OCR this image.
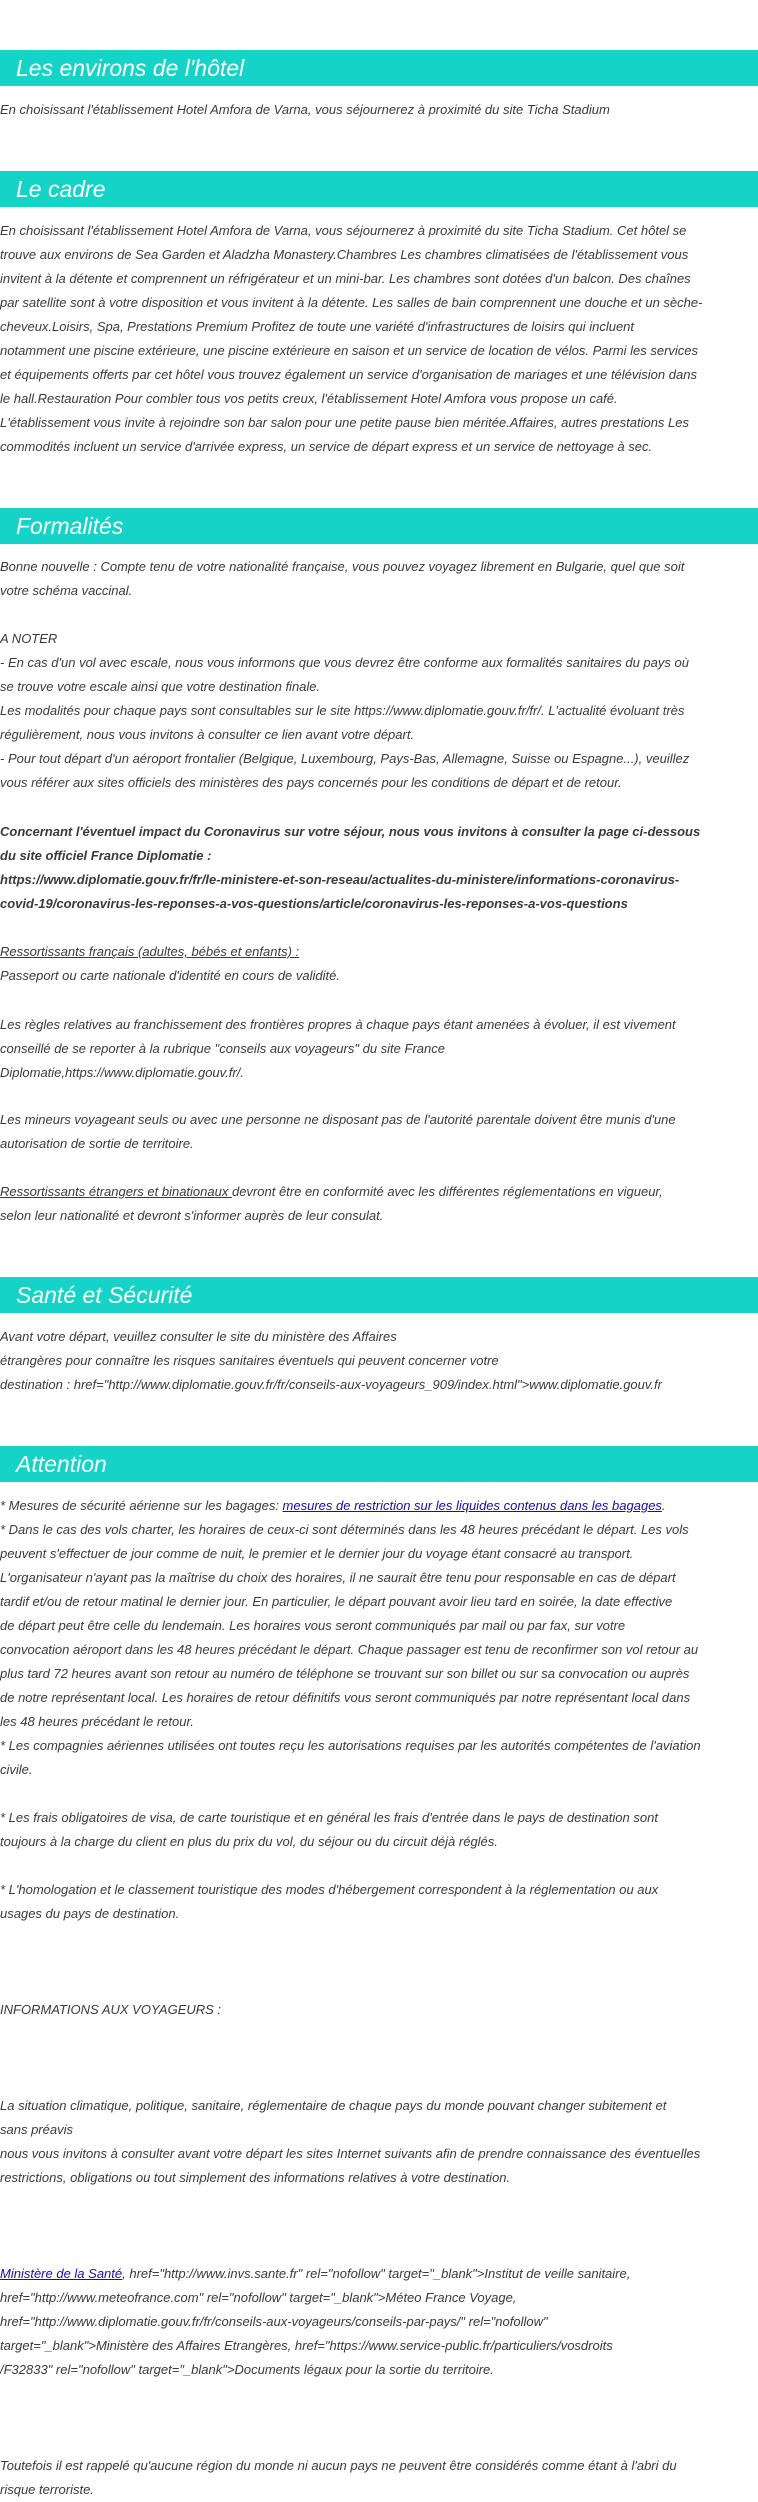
Les environs de l'hôtel

En choisissant l'établissement Hotel Amfora de Varna, vous séjournerez à proximité du site Ticha Stadium

Le cadre

En choisissant l'établissement Hotel Amfora de Varna, vous séjournerez à proximité du site Ticha Stadium. Cet hôtel se
trouve aux environs de Sea Garden et Aladzha Monastery.Chambres Les chambres climatisées de l'établissement vous
invitent à la détente et comprennent un réfrigérateur et un mini-bar. Les chambres sont dotées d'un balcon. Des chaînes
par satellite sont à votre disposition et vous invitent à la détente. Les salles de bain comprennent une douche et un sèche-
cheveux.Loisirs, Spa, Prestations Premium Profitez de toute une variété d'infrastructures de loisirs qui incluent
notamment une piscine extérieure, une piscine extérieure en saison et un service de location de vélos. Parmi les services
et équipements offerts par cet hôtel vous trouvez également un service d'organisation de mariages et une télévision dans
le hall.Restauration Pour combler tous vos petits creux, l'établissement Hotel Amfora vous propose un café.
L'établissement vous invite à rejoindre son bar salon pour une petite pause bien méritée.Affaires, autres prestations Les
commodités incluent un service d'arrivée express, un service de départ express et un service de nettoyage à sec.

Formalités

Bonne nouvelle : Compte tenu de votre nationalité française, vous pouvez voyagez librement en Bulgarie, quel que soit
votre schéma vaccinal.

A NOTER
- En cas d'un vol avec escale, nous vous informons que vous devrez être conforme aux formalités sanitaires du pays où
se trouve votre escale ainsi que votre destination finale.
Les modalités pour chaque pays sont consultables sur le site https://www.diplomatie.gouv.fr/fr/. L'actualité évoluant très
régulièrement, nous vous invitons à consulter ce lien avant votre départ.
- Pour tout départ d'un aéroport frontalier (Belgique, Luxembourg, Pays-Bas, Allemagne, Suisse ou Espagne...), veuillez
vous référer aux sites officiels des ministères des pays concernés pour les conditions de départ et de retour.

Concernant l'éventuel impact du Coronavirus sur votre séjour, nous vous invitons à consulter la page ci-dessous
du site officiel France Diplomatie :
https://www.diplomatie.gouv.fr/fr/le-ministere-et-son-reseau/actualites-du-ministere/informations-coronavirus-
covid-19/coronavirus-les-reponses-a-vos-questions/article/coronavirus-les-reponses-a-vos-questions

Ressortissants français (adultes, bébés et enfants) :

Passeport ou carte nationale d'identité en cours de validité.

Les règles relatives au franchissement des frontières propres à chaque pays étant amenées à évoluer, il est vivement
conseillé de se reporter à la rubrique "conseils aux voyageurs" du site France
Diplomatie,https://www.diplomatie.gouv.fr/.

Les mineurs voyageant seuls ou avec une personne ne disposant pas de l'autorité parentale doivent être munis d'une
autorisation de sortie de territoire.

Ressortissants étrangers et binationaux devront être en conformité avec les différentes réglementations en vigueur,
selon leur nationalité et devront s'informer auprès de leur consulat.

Santé et Sécurité

Avant votre départ, veuillez consulter le site du ministère des Affaires
étrangères pour connaître les risques sanitaires éventuels qui peuvent concerner votre
destination : href="http://www.diplomatie.gouv.fr/fr/conseils-aux-voyageurs_909/index.html">www.diplomatie.gouv.fr

Attention

* Mesures de sécurité aérienne sur les bagages: mesures de restriction sur les liquides contenus dans les bagages.

* Dans le cas des vols charter, les horaires de ceux-ci sont déterminés dans les 48 heures précédant le départ. Les vols
peuvent s'effectuer de jour comme de nuit, le premier et le dernier jour du voyage étant consacré au transport.
L'organisateur n'ayant pas la maîtrise du choix des horaires, il ne saurait être tenu pour responsable en cas de départ
tardif et/ou de retour matinal le dernier jour. En particulier, le départ pouvant avoir lieu tard en soirée, la date effective
de départ peut être celle du lendemain. Les horaires vous seront communiqués par mail ou par fax, sur votre
convocation aéroport dans les 48 heures précédant le départ. Chaque passager est tenu de reconfirmer son vol retour au
plus tard 72 heures avant son retour au numéro de téléphone se trouvant sur son billet ou sur sa convocation ou auprès
de notre représentant local. Les horaires de retour définitifs vous seront communiqués par notre représentant local dans
les 48 heures précédant le retour.
* Les compagnies aériennes utilisées ont toutes reçu les autorisations requises par les autorités compétentes de l'aviation
civile.

* Les frais obligatoires de visa, de carte touristique et en général les frais d'entrée dans le pays de destination sont
toujours à la charge du client en plus du prix du vol, du séjour ou du circuit déjà réglés.

* L'homologation et le classement touristique des modes d'hébergement correspondent à la réglementation ou aux
usages du pays de destination.

INFORMATIONS AUX VOYAGEURS :

La situation climatique, politique, sanitaire, réglementaire de chaque pays du monde pouvant changer subitement et
sans préavis
nous vous invitons à consulter avant votre départ les sites Internet suivants afin de prendre connaissance des éventuelles
restrictions, obligations ou tout simplement des informations relatives à votre destination.

Ministère de la Santé, href="http://www.invs.sante.fr" rel="nofollow" target="_blank">Institut de veille sanitaire,
href="http://www.meteofrance.com" rel="nofollow" target="_blank">Méteo France Voyage,
href="http://www.diplomatie.gouv.fr/fr/conseils-aux-voyageurs/conseils-par-pays/" rel="nofollow"
target="_blank">Ministère des Affaires Etrangères, href="https://www.service-public.fr/particuliers/vosdroits
/F32833" rel="nofollow" target="_blank">Documents légaux pour la sortie du territoire.

Toutefois il est rappelé qu'aucune région du monde ni aucun pays ne peuvent être considérés comme étant à l'abri du
risque terroriste.
